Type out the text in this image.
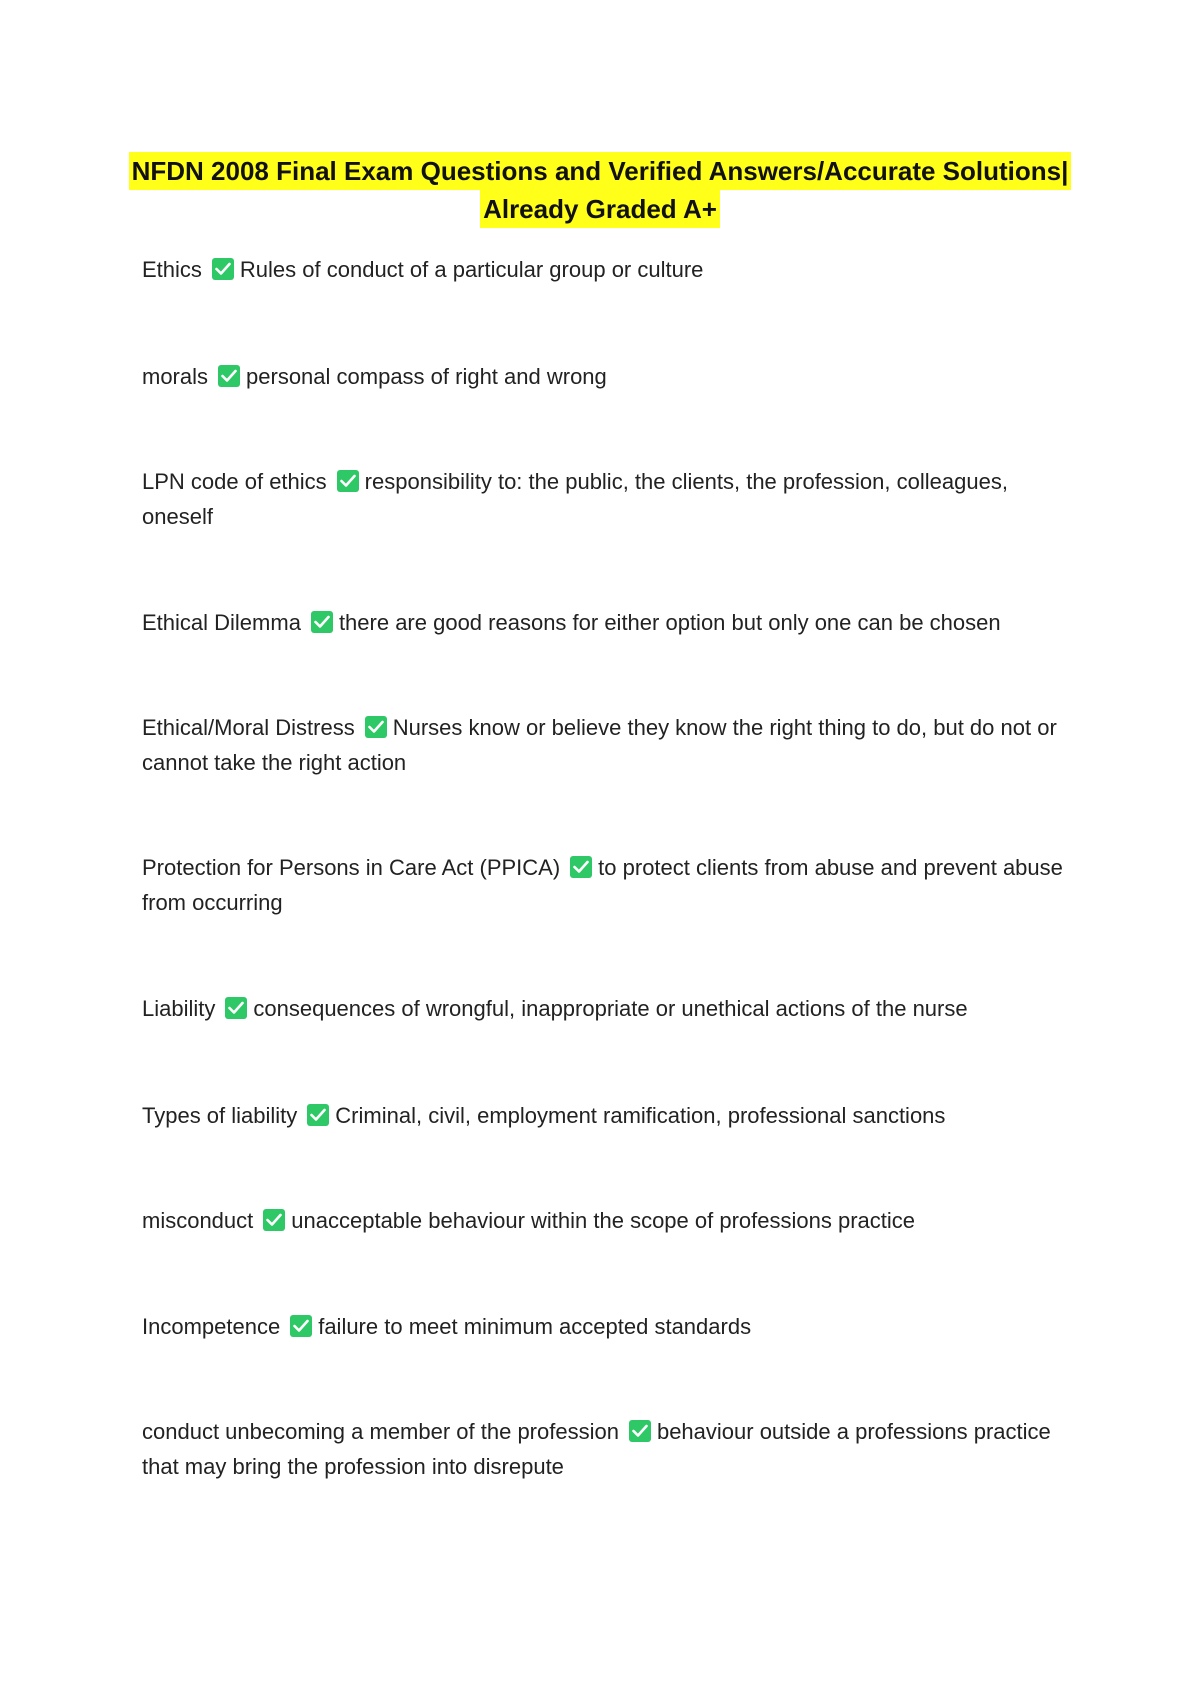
NFDN 2008 Final Exam Questions and Verified Answers/Accurate Solutions|
Already Graded A+
Ethics Rules of conduct of a particular group or culture
morals personal compass of right and wrong
LPN code of ethics responsibility to: the public, the clients, the profession, colleagues, oneself
Ethical Dilemma there are good reasons for either option but only one can be chosen
Ethical/Moral Distress Nurses know or believe they know the right thing to do, but do not or cannot take the right action
Protection for Persons in Care Act (PPICA) to protect clients from abuse and prevent abuse from occurring
Liability consequences of wrongful, inappropriate or unethical actions of the nurse
Types of liability Criminal, civil, employment ramification, professional sanctions
misconduct unacceptable behaviour within the scope of professions practice
Incompetence failure to meet minimum accepted standards
conduct unbecoming a member of the profession behaviour outside a professions practice that may bring the profession into disrepute
